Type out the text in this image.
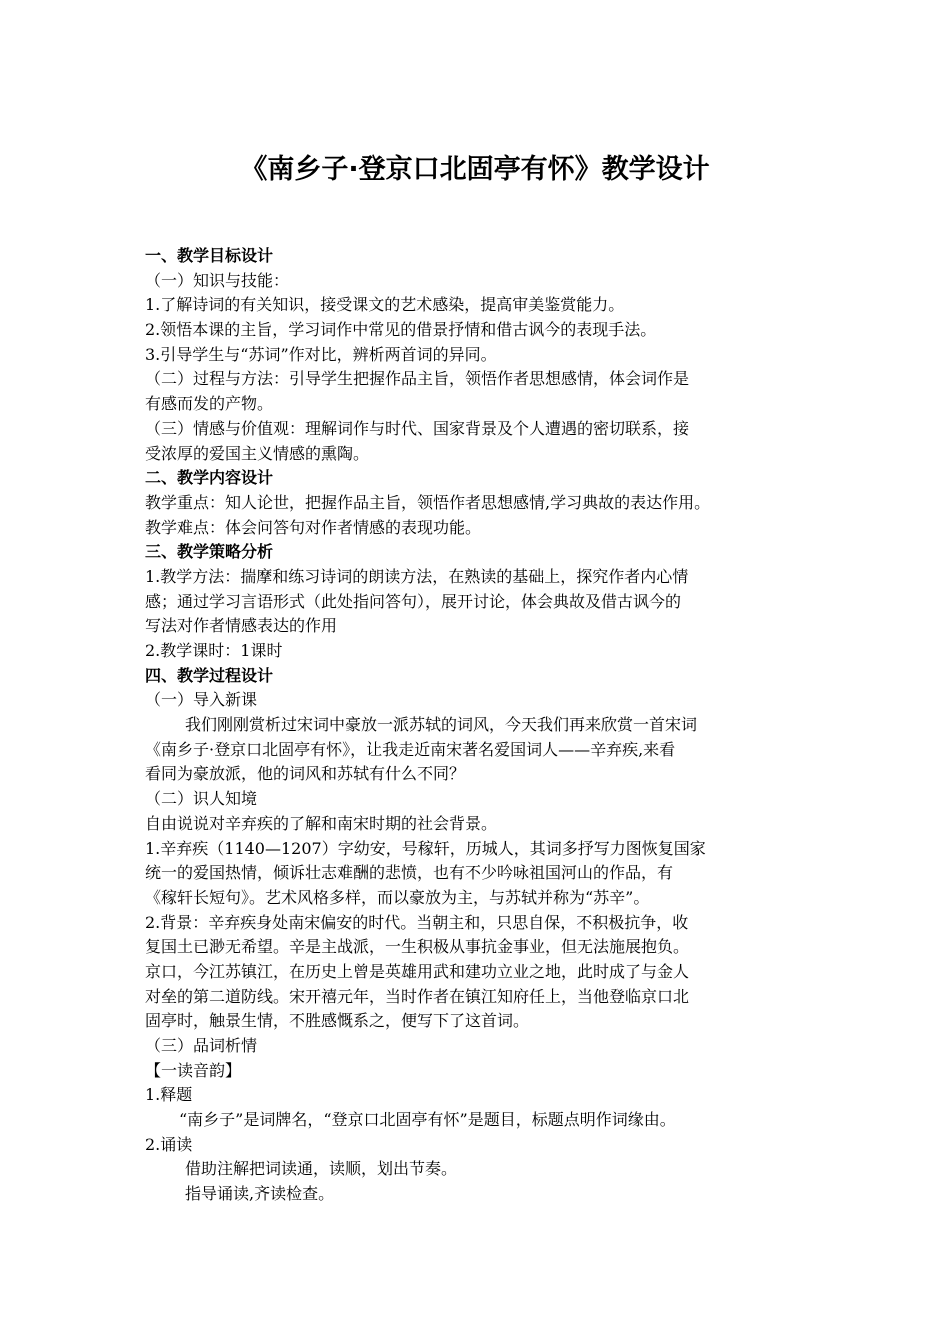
《南乡子·登京口北固亭有怀》教学设计
一、教学目标设计
（一）知识与技能：
1.了解诗词的有关知识，接受课文的艺术感染，提高审美鉴赏能力。
2.领悟本课的主旨，学习词作中常见的借景抒情和借古讽今的表现手法。
3.引导学生与“苏词”作对比，辨析两首词的异同。
（二）过程与方法：引导学生把握作品主旨，领悟作者思想感情，体会词作是
有感而发的产物。
（三）情感与价值观：理解词作与时代、国家背景及个人遭遇的密切联系，接
受浓厚的爱国主义情感的熏陶。
二、教学内容设计
教学重点：知人论世，把握作品主旨，领悟作者思想感情,学习典故的表达作用。
教学难点：体会问答句对作者情感的表现功能。
三、教学策略分析
1.教学方法：揣摩和练习诗词的朗读方法，在熟读的基础上，探究作者内心情
感；通过学习言语形式（此处指问答句），展开讨论，体会典故及借古讽今的
写法对作者情感表达的作用
2.教学课时：1课时
四、教学过程设计
（一）导入新课
我们刚刚赏析过宋词中豪放一派苏轼的词风，今天我们再来欣赏一首宋词
《南乡子·登京口北固亭有怀》，让我走近南宋著名爱国词人——辛弃疾,来看
看同为豪放派，他的词风和苏轼有什么不同？
（二）识人知境
自由说说对辛弃疾的了解和南宋时期的社会背景。
1.辛弃疾（1140—1207）字幼安，号稼轩，历城人，其词多抒写力图恢复国家
统一的爱国热情，倾诉壮志难酬的悲愤，也有不少吟咏祖国河山的作品，有
《稼轩长短句》。艺术风格多样，而以豪放为主，与苏轼并称为“苏辛”。
2.背景：辛弃疾身处南宋偏安的时代。当朝主和，只思自保，不积极抗争，收
复国土已渺无希望。辛是主战派，一生积极从事抗金事业，但无法施展抱负。
京口，今江苏镇江，在历史上曾是英雄用武和建功立业之地，此时成了与金人
对垒的第二道防线。宋开禧元年，当时作者在镇江知府任上，当他登临京口北
固亭时，触景生情，不胜感慨系之，便写下了这首词。
（三）品词析情
【一读音韵】
1.释题
“南乡子”是词牌名，“登京口北固亭有怀”是题目，标题点明作词缘由。
2.诵读
借助注解把词读通，读顺，划出节奏。
指导诵读,齐读检查。
